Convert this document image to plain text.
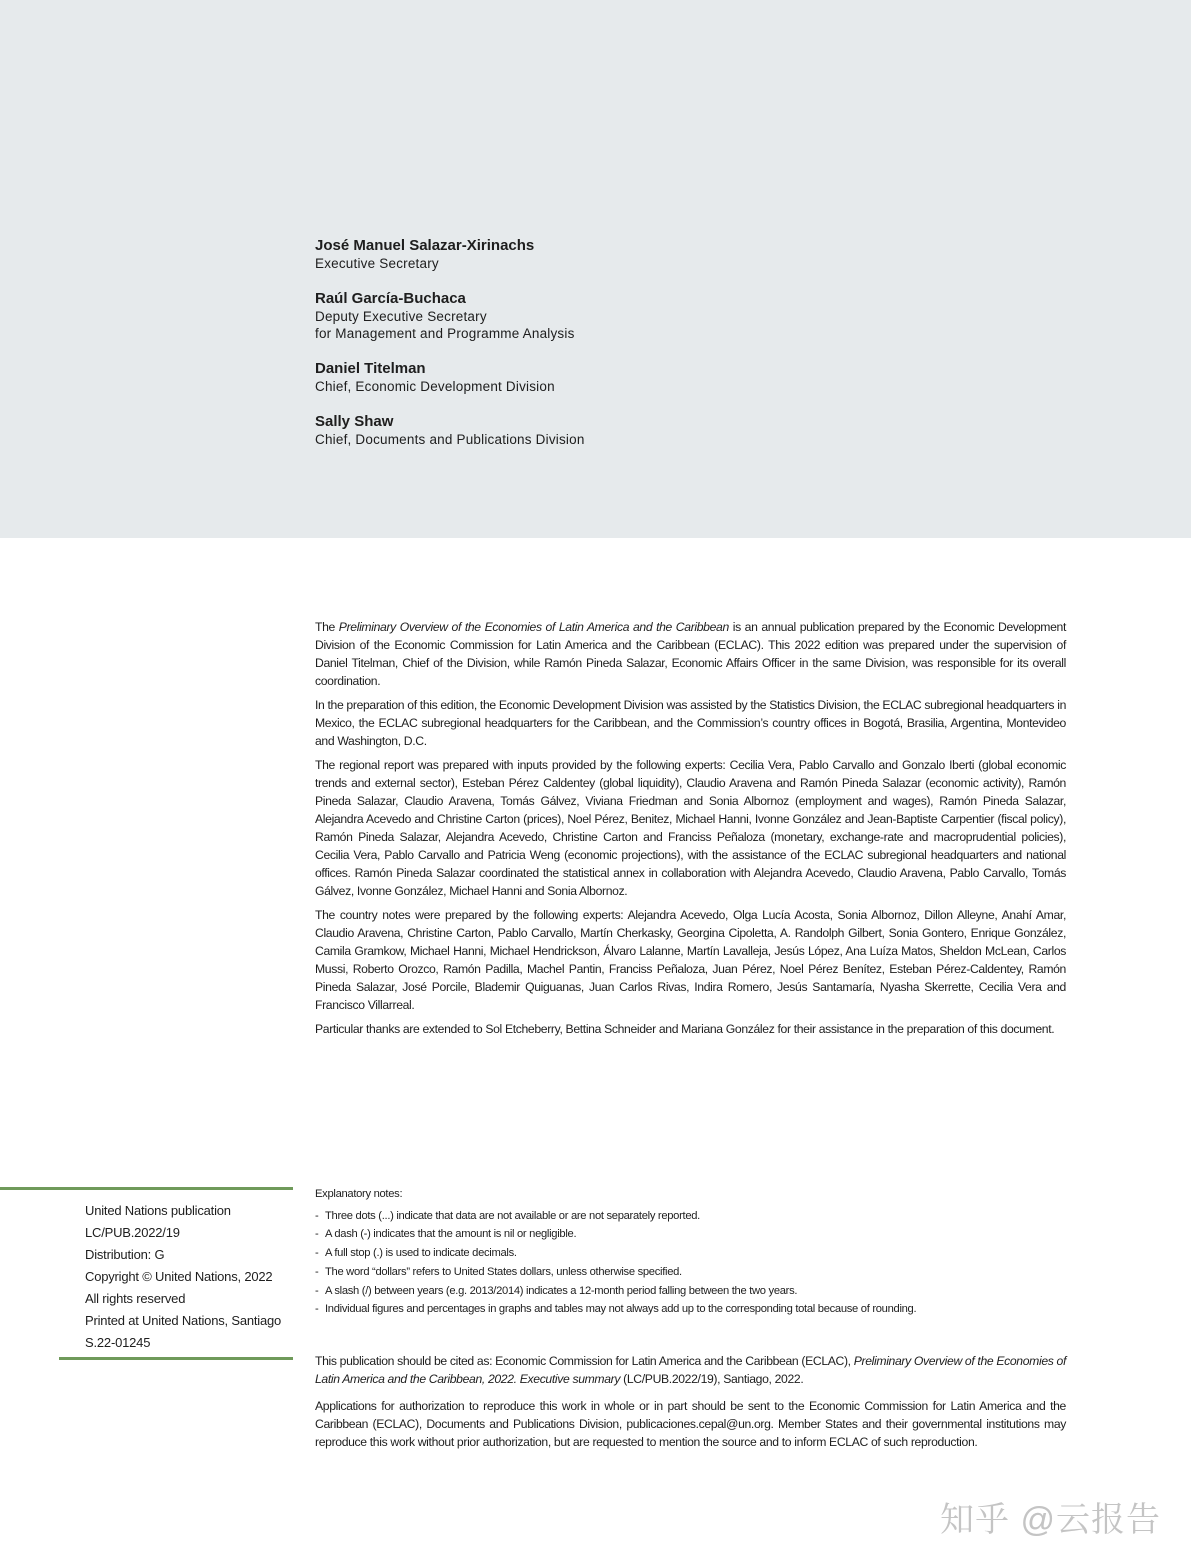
José Manuel Salazar-Xirinachs
Executive Secretary
Raúl García-Buchaca
Deputy Executive Secretary
for Management and Programme Analysis
Daniel Titelman
Chief, Economic Development Division
Sally Shaw
Chief, Documents and Publications Division

The Preliminary Overview of the Economies of Latin America and the Caribbean is an annual publication prepared by the Economic Development Division of the Economic Commission for Latin America and the Caribbean (ECLAC). This 2022 edition was prepared under the supervision of Daniel Titelman, Chief of the Division, while Ramón Pineda Salazar, Economic Affairs Officer in the same Division, was responsible for its overall coordination.

In the preparation of this edition, the Economic Development Division was assisted by the Statistics Division, the ECLAC subregional headquarters in Mexico, the ECLAC subregional headquarters for the Caribbean, and the Commission’s country offices in Bogotá, Brasilia, Argentina, Montevideo and Washington, D.C.

The regional report was prepared with inputs provided by the following experts: Cecilia Vera, Pablo Carvallo and Gonzalo Iberti (global economic trends and external sector), Esteban Pérez Caldentey (global liquidity), Claudio Aravena and Ramón Pineda Salazar (economic activity), Ramón Pineda Salazar, Claudio Aravena, Tomás Gálvez, Viviana Friedman and Sonia Albornoz (employment and wages), Ramón Pineda Salazar, Alejandra Acevedo and Christine Carton (prices), Noel Pérez, Benitez, Michael Hanni, Ivonne González and Jean-Baptiste Carpentier (fiscal policy), Ramón Pineda Salazar, Alejandra Acevedo, Christine Carton and Franciss Peñaloza (monetary, exchange-rate and macroprudential policies), Cecilia Vera, Pablo Carvallo and Patricia Weng (economic projections), with the assistance of the ECLAC subregional headquarters and national offices. Ramón Pineda Salazar coordinated the statistical annex in collaboration with Alejandra Acevedo, Claudio Aravena, Pablo Carvallo, Tomás Gálvez, Ivonne González, Michael Hanni and Sonia Albornoz.

The country notes were prepared by the following experts: Alejandra Acevedo, Olga Lucía Acosta, Sonia Albornoz, Dillon Alleyne, Anahí Amar, Claudio Aravena, Christine Carton, Pablo Carvallo, Martín Cherkasky, Georgina Cipoletta, A. Randolph Gilbert, Sonia Gontero, Enrique González, Camila Gramkow, Michael Hanni, Michael Hendrickson, Álvaro Lalanne, Martín Lavalleja, Jesús López, Ana Luíza Matos, Sheldon McLean, Carlos Mussi, Roberto Orozco, Ramón Padilla, Machel Pantin, Franciss Peñaloza, Juan Pérez, Noel Pérez Benítez, Esteban Pérez-Caldentey, Ramón Pineda Salazar, José Porcile, Blademir Quiguanas, Juan Carlos Rivas, Indira Romero, Jesús Santamaría, Nyasha Skerrette, Cecilia Vera and Francisco Villarreal.

Particular thanks are extended to Sol Etcheberry, Bettina Schneider and Mariana González for their assistance in the preparation of this document.

United Nations publication
LC/PUB.2022/19
Distribution: G
Copyright © United Nations, 2022
All rights reserved
Printed at United Nations, Santiago
S.22-01245
Explanatory notes:
- Three dots (...) indicate that data are not available or are not separately reported.
- A dash (-) indicates that the amount is nil or negligible.
- A full stop (.) is used to indicate decimals.
- The word “dollars” refers to United States dollars, unless otherwise specified.
- A slash (/) between years (e.g. 2013/2014) indicates a 12-month period falling between the two years.
- Individual figures and percentages in graphs and tables may not always add up to the corresponding total because of rounding.

This publication should be cited as: Economic Commission for Latin America and the Caribbean (ECLAC), Preliminary Overview of the Economies of Latin America and the Caribbean, 2022. Executive summary (LC/PUB.2022/19), Santiago, 2022.

Applications for authorization to reproduce this work in whole or in part should be sent to the Economic Commission for Latin America and the Caribbean (ECLAC), Documents and Publications Division, publicaciones.cepal@un.org. Member States and their governmental institutions may reproduce this work without prior authorization, but are requested to mention the source and to inform ECLAC of such reproduction.

知乎 @云报告
